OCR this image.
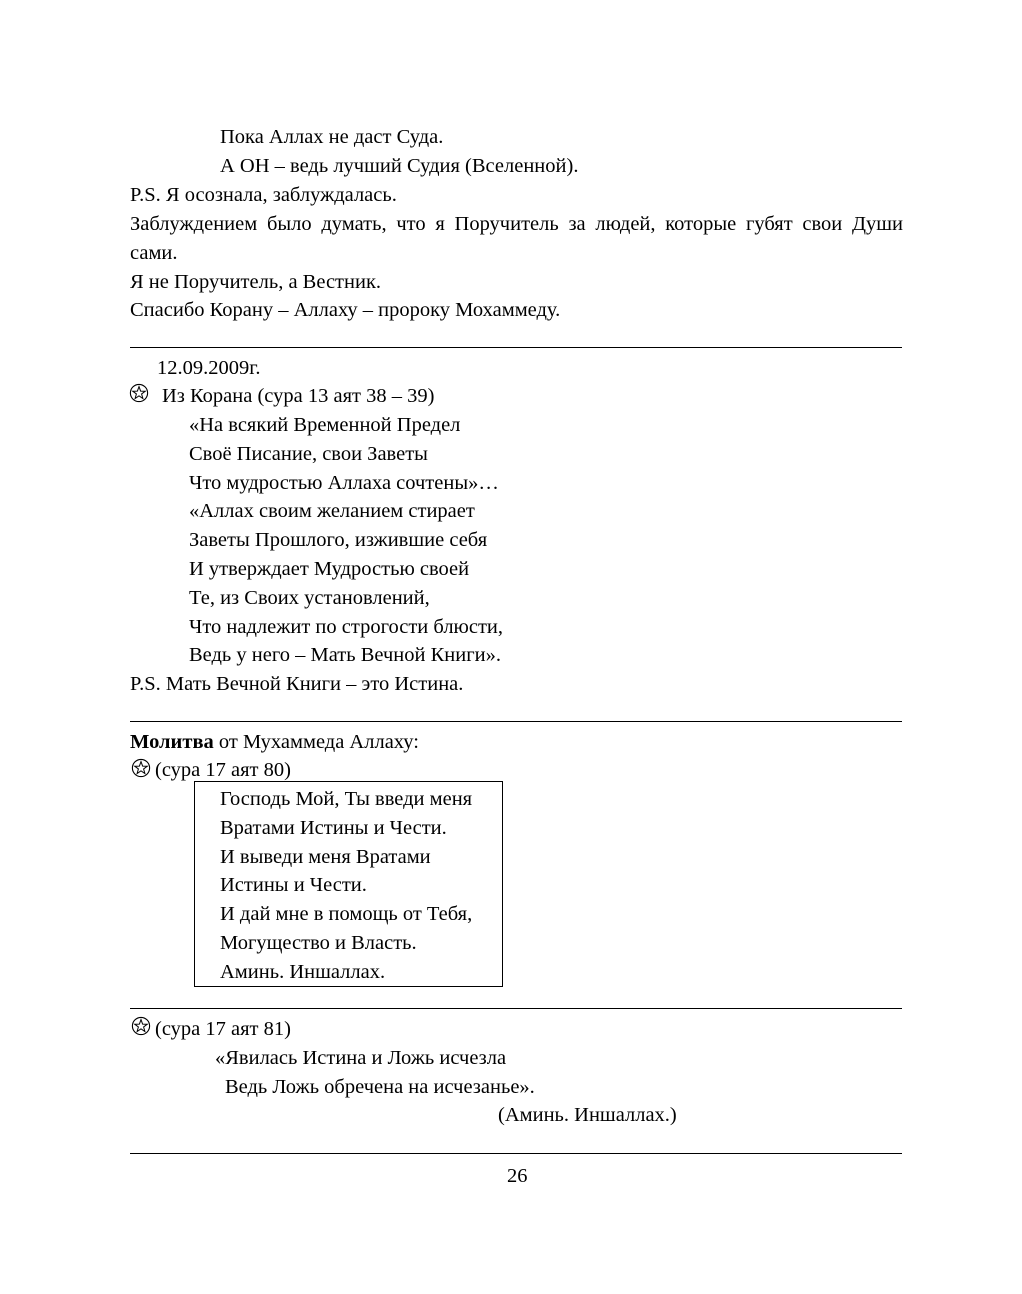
Пока Аллах не даст Суда.
А ОН – ведь лучший Судия (Вселенной).
P.S. Я осознала, заблуждалась.
Заблуждением было думать, что я Поручитель за людей, которые губят свои Души
сами.
Я не Поручитель, а Вестник.
Спасибо Корану – Аллаху – пророку Мохаммеду.
12.09.2009г.
Из Корана (сура 13 аят 38 – 39)
«На всякий Временной Предел
Своё Писание, свои Заветы
Что мудростью Аллаха сочтены»…
«Аллах своим желанием стирает
Заветы Прошлого, изжившие себя
И утверждает Мудростью своей
Те, из Своих установлений,
Что надлежит по строгости блюсти,
Ведь у него – Мать Вечной Книги».
P.S. Мать Вечной Книги – это Истина.
Молитва от Мухаммеда Аллаху:
(сура 17 аят 80)
Господь Мой, Ты введи меня
Вратами Истины и Чести.
И выведи меня Вратами
Истины и Чести.
И дай мне в помощь от Тебя,
Могущество и Власть.
Аминь. Иншаллах.
(сура 17 аят 81)
«Явилась Истина и Ложь исчезла
Ведь Ложь обречена на исчезанье».
(Аминь. Иншаллах.)
26
